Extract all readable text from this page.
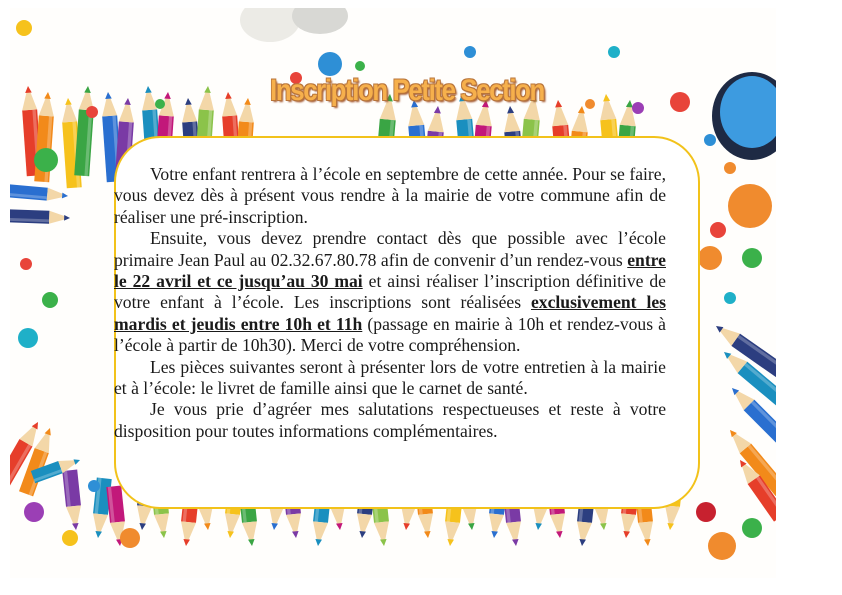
Inscription Petite Section

Votre enfant rentrera à l’école en septembre de cette année. Pour se faire, vous devez dès à présent vous rendre à la mairie de votre commune afin de réaliser une pré-inscription.

Ensuite, vous devez prendre contact dès que possible avec l’école primaire Jean Paul au 02.32.67.80.78 afin de convenir d’un rendez-vous entre le 22 avril et ce jusqu’au 30 mai et ainsi réaliser l’inscription définitive de votre enfant à l’école. Les inscriptions sont réalisées exclusivement les mardis et jeudis entre 10h et 11h (passage en mairie à 10h et rendez-vous à l’école à partir de 10h30). Merci de votre compréhension.

Les pièces suivantes seront à présenter lors de votre entretien à la mairie et à l’école: le livret de famille ainsi que le carnet de santé.

Je vous prie d’agréer mes salutations respectueuses et reste à votre disposition pour toutes informations complémentaires.
